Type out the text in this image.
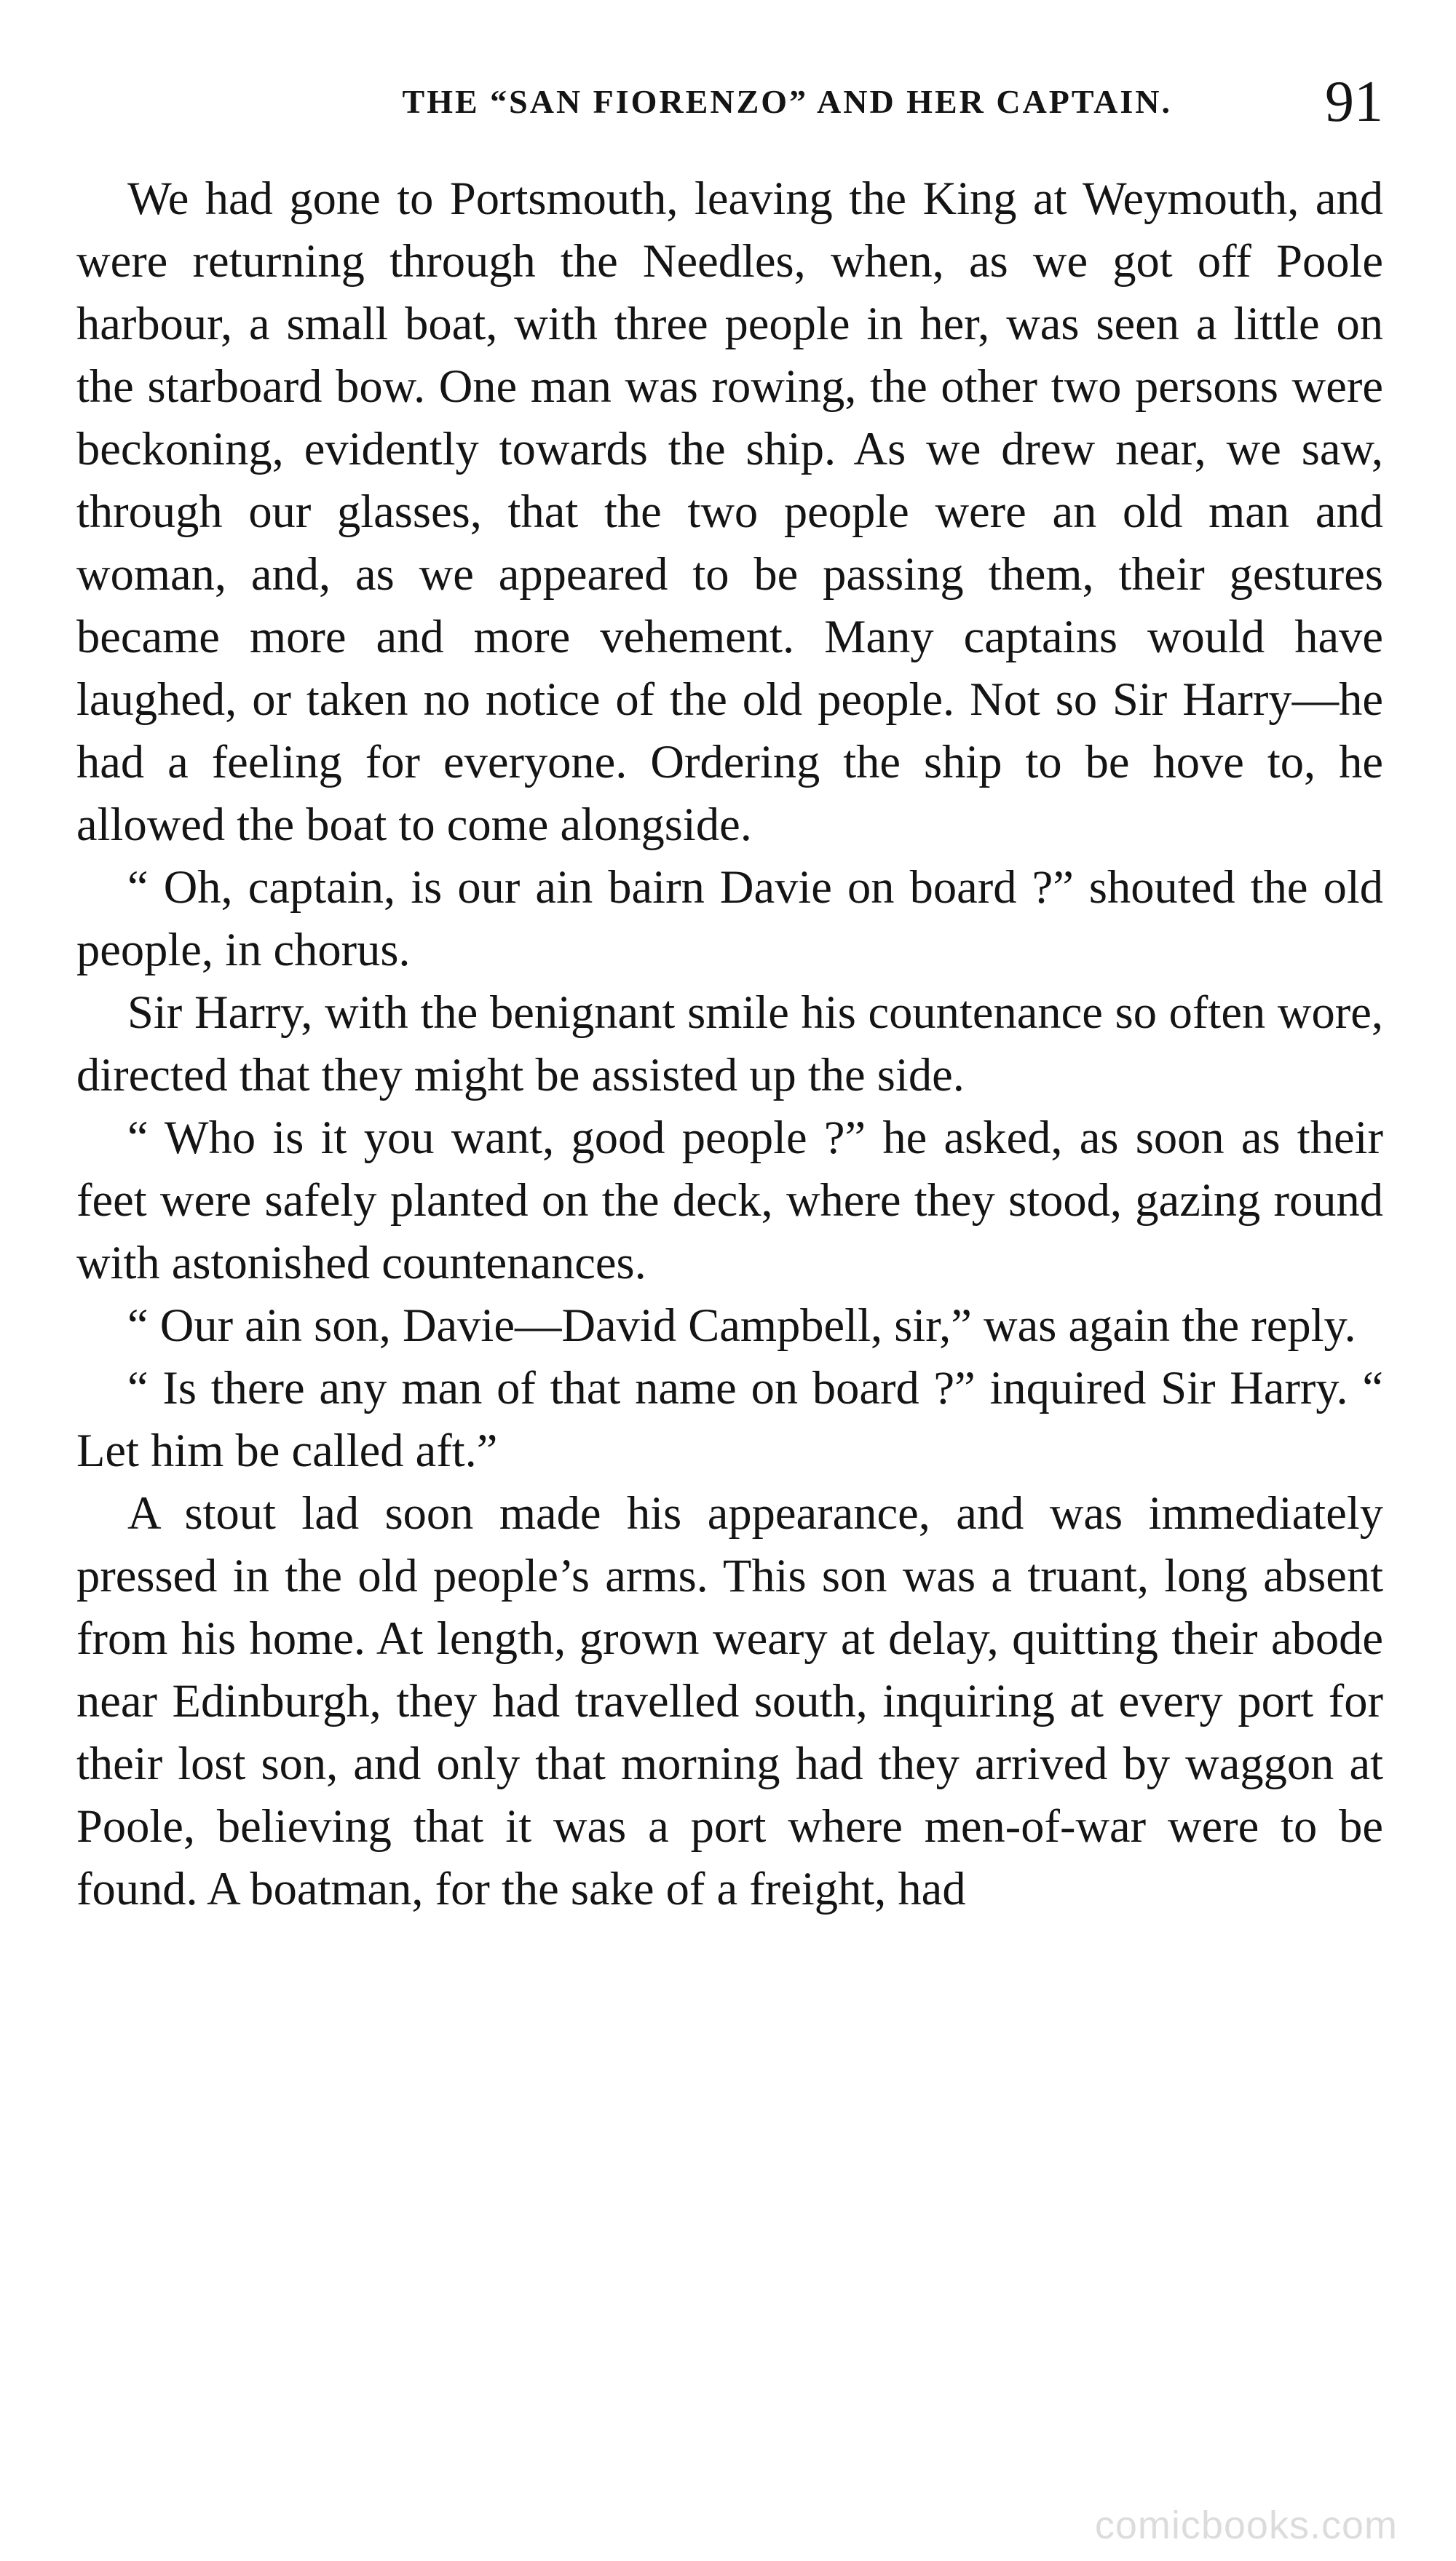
THE “SAN FIORENZO” AND HER CAPTAIN.	91

We had gone to Portsmouth, leaving the King at Weymouth, and were returning through the Needles, when, as we got off Poole harbour, a small boat, with three people in her, was seen a little on the starboard bow. One man was rowing, the other two persons were beckoning, evidently towards the ship. As we drew near, we saw, through our glasses, that the two people were an old man and woman, and, as we appeared to be passing them, their gestures became more and more vehement. Many captains would have laughed, or taken no notice of the old people. Not so Sir Harry—he had a feeling for everyone. Ordering the ship to be hove to, he allowed the boat to come alongside.

“ Oh, captain, is our ain bairn Davie on board ?” shouted the old people, in chorus.

Sir Harry, with the benignant smile his countenance so often wore, directed that they might be assisted up the side.

“ Who is it you want, good people ?” he asked, as soon as their feet were safely planted on the deck, where they stood, gazing round with astonished countenances.

“ Our ain son, Davie—David Campbell, sir,” was again the reply.

“ Is there any man of that name on board ?” inquired Sir Harry. “ Let him be called aft.”

A stout lad soon made his appearance, and was immediately pressed in the old people’s arms. This son was a truant, long absent from his home. At length, grown weary at delay, quitting their abode near Edinburgh, they had travelled south, inquiring at every port for their lost son, and only that morning had they arrived by waggon at Poole, believing that it was a port where men-of-war were to be found. A boatman, for the sake of a freight, had

comicbooks.com
